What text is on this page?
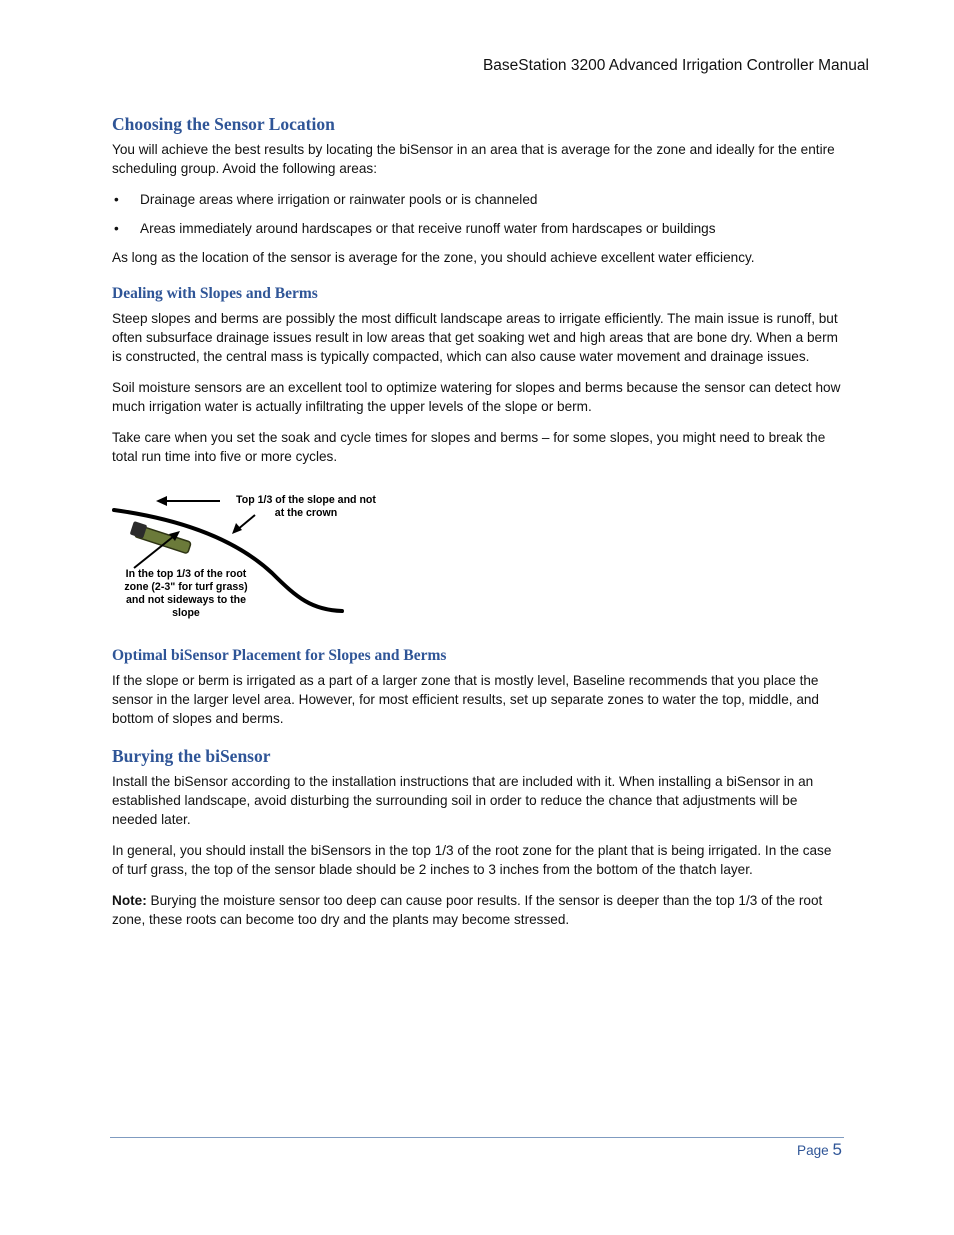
BaseStation 3200 Advanced Irrigation Controller Manual
Choosing the Sensor Location

You will achieve the best results by locating the biSensor in an area that is average for the zone and ideally for the entire scheduling group. Avoid the following areas:

• Drainage areas where irrigation or rainwater pools or is channeled
• Areas immediately around hardscapes or that receive runoff water from hardscapes or buildings

As long as the location of the sensor is average for the zone, you should achieve excellent water efficiency.

Dealing with Slopes and Berms

Steep slopes and berms are possibly the most difficult landscape areas to irrigate efficiently. The main issue is runoff, but often subsurface drainage issues result in low areas that get soaking wet and high areas that are bone dry. When a berm is constructed, the central mass is typically compacted, which can also cause water movement and drainage issues.

Soil moisture sensors are an excellent tool to optimize watering for slopes and berms because the sensor can detect how much irrigation water is actually infiltrating the upper levels of the slope or berm.

Take care when you set the soak and cycle times for slopes and berms – for some slopes, you might need to break the total run time into five or more cycles.

Top 1/3 of the slope and not at the crown
In the top 1/3 of the root zone (2-3" for turf grass) and not sideways to the slope
Optimal biSensor Placement for Slopes and Berms

If the slope or berm is irrigated as a part of a larger zone that is mostly level, Baseline recommends that you place the sensor in the larger level area. However, for most efficient results, set up separate zones to water the top, middle, and bottom of slopes and berms.

Burying the biSensor

Install the biSensor according to the installation instructions that are included with it. When installing a biSensor in an established landscape, avoid disturbing the surrounding soil in order to reduce the chance that adjustments will be needed later.

In general, you should install the biSensors in the top 1/3 of the root zone for the plant that is being irrigated. In the case of turf grass, the top of the sensor blade should be 2 inches to 3 inches from the bottom of the thatch layer.

Note: Burying the moisture sensor too deep can cause poor results. If the sensor is deeper than the top 1/3 of the root zone, these roots can become too dry and the plants may become stressed.

Page 5
